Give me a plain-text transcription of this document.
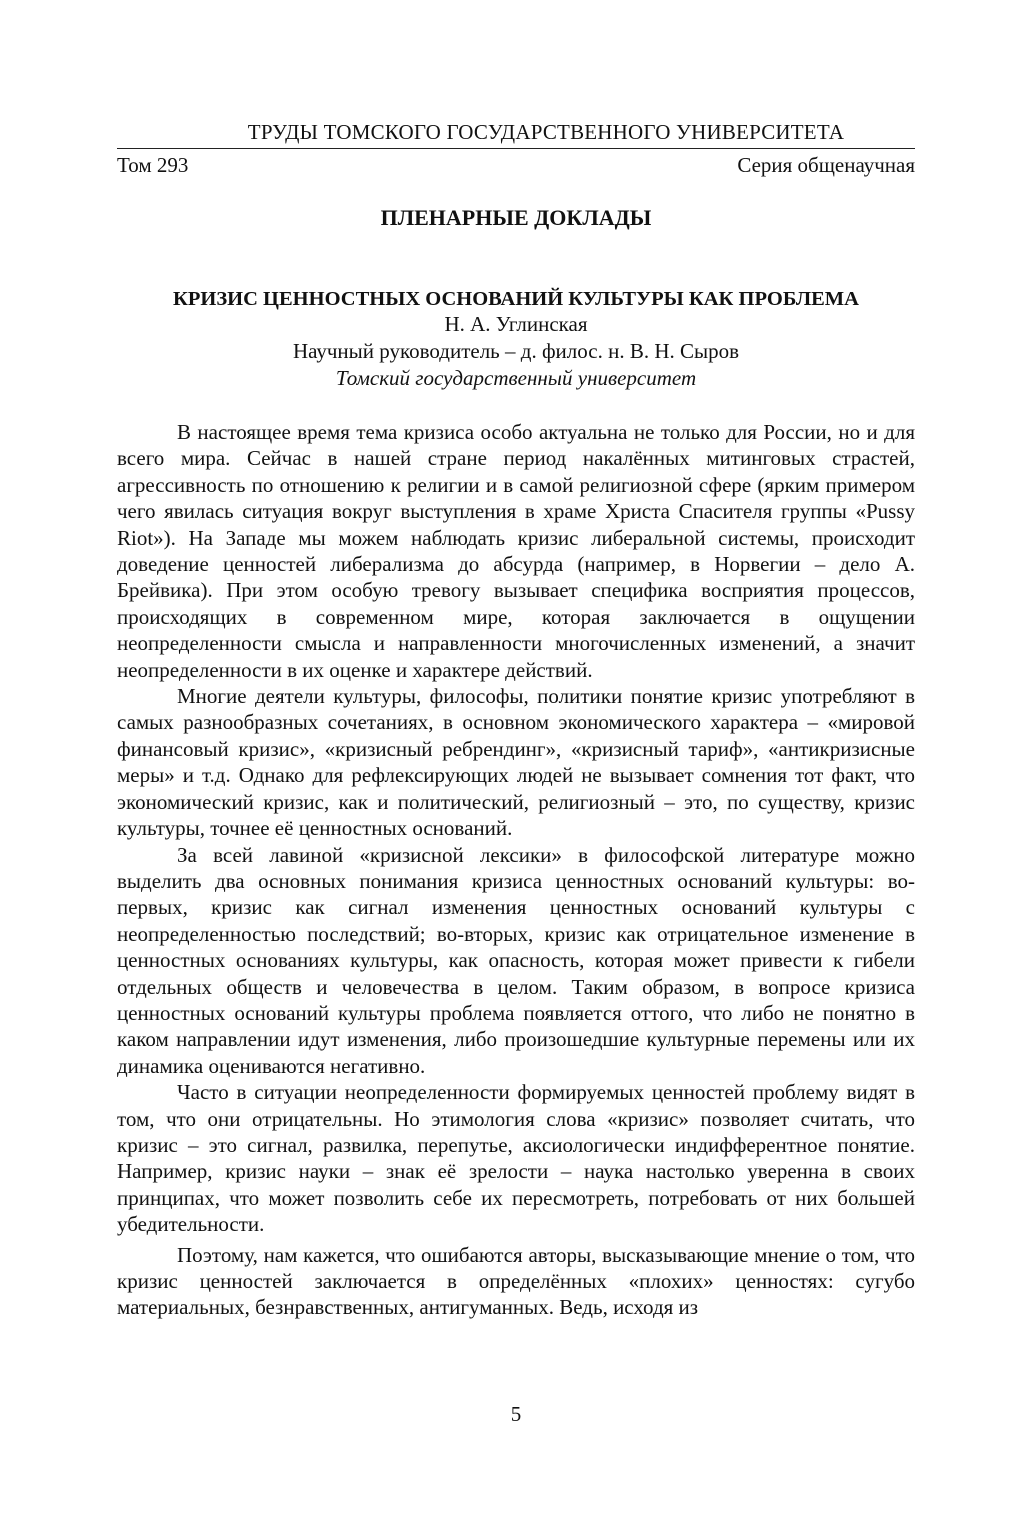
ТРУДЫ ТОМСКОГО ГОСУДАРСТВЕННОГО УНИВЕРСИТЕТА
Том 293	Серия общенаучная
ПЛЕНАРНЫЕ ДОКЛАДЫ
КРИЗИС ЦЕННОСТНЫХ ОСНОВАНИЙ КУЛЬТУРЫ КАК ПРОБЛЕМА
Н. А. Углинская
Научный руководитель – д. филос. н. В. Н. Сыров
Томский государственный университет

В настоящее время тема кризиса особо актуальна не только для России, но и для всего мира. Сейчас в нашей стране период накалённых митинговых страстей, агрессивность по отношению к религии и в самой религиозной сфере (ярким примером чего явилась ситуация вокруг выступления в храме Христа Спасителя группы «Pussy Riot»). На Западе мы можем наблюдать кризис либеральной системы, происходит доведение ценностей либерализма до абсурда (например, в Норвегии – дело А. Брейвика). При этом особую тревогу вызывает специфика восприятия процессов, происходящих в современном мире, которая заключается в ощущении неопределенности смысла и направленности многочисленных изменений, а значит неопределенности в их оценке и характере действий.

Многие деятели культуры, философы, политики понятие кризис употребляют в самых разнообразных сочетаниях, в основном экономического характера – «мировой финансовый кризис», «кризисный ребрендинг», «кризисный тариф», «антикризисные меры» и т.д. Однако для рефлексирующих людей не вызывает сомнения тот факт, что экономический кризис, как и политический, религиозный – это, по существу, кризис культуры, точнее её ценностных оснований.

За всей лавиной «кризисной лексики» в философской литературе можно выделить два основных понимания кризиса ценностных оснований культуры: во-первых, кризис как сигнал изменения ценностных оснований культуры с неопределенностью последствий; во-вторых, кризис как отрицательное изменение в ценностных основаниях культуры, как опасность, которая может привести к гибели отдельных обществ и человечества в целом. Таким образом, в вопросе кризиса ценностных оснований культуры проблема появляется оттого, что либо не понятно в каком направлении идут изменения, либо произошедшие культурные перемены или их динамика оцениваются негативно.

Часто в ситуации неопределенности формируемых ценностей проблему видят в том, что они отрицательны. Но этимология слова «кризис» позволяет считать, что кризис – это сигнал, развилка, перепутье, аксиологически индифферентное понятие. Например, кризис науки – знак её зрелости – наука настолько уверенна в своих принципах, что может позволить себе их пересмотреть, потребовать от них большей убедительности.

Поэтому, нам кажется, что ошибаются авторы, высказывающие мнение о том, что кризис ценностей заключается в определённых «плохих» ценностях: сугубо материальных, безнравственных, антигуманных. Ведь, исходя из

5
